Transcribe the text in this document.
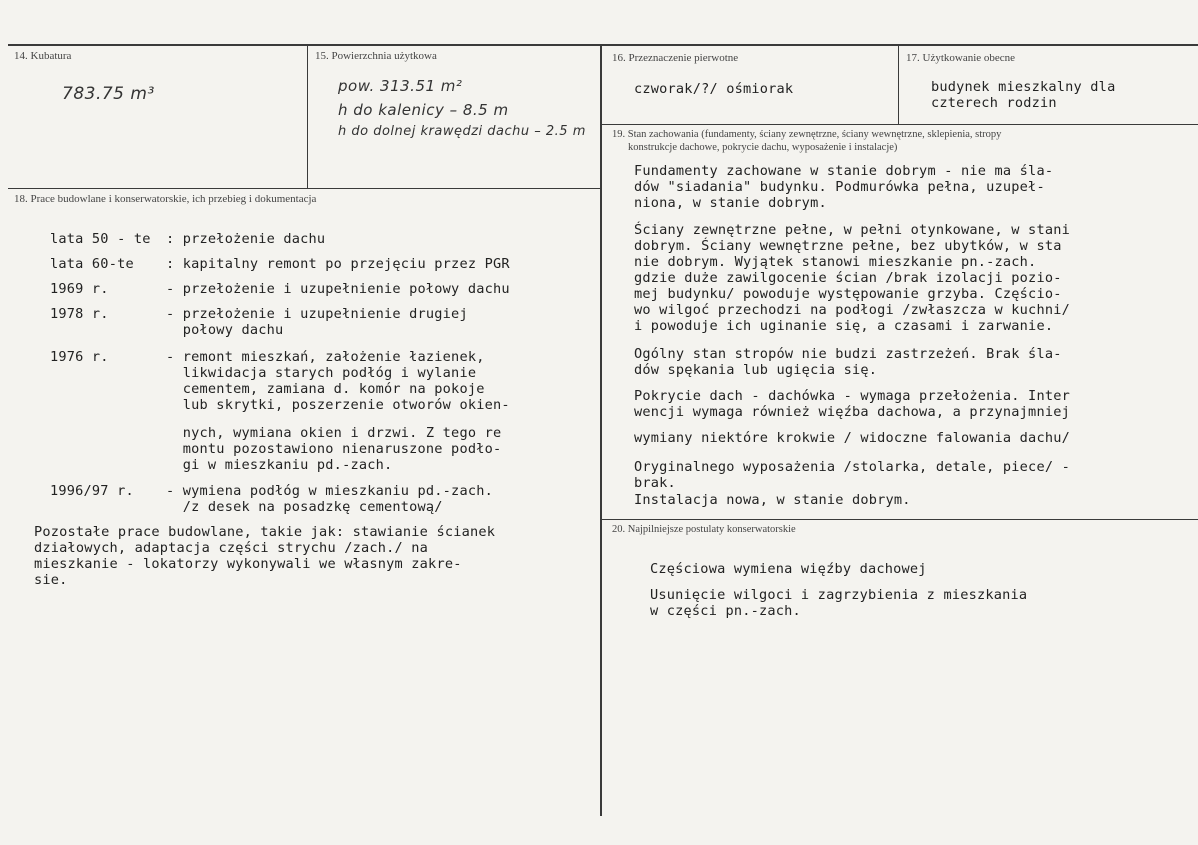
14. Kubatura
783.75 m³
15. Powierzchnia użytkowa
pow. 313.51 m²
h do kalenicy – 8.5 m
h do dolnej krawędzi dachu – 2.5 m
16. Przeznaczenie pierwotne
czworak/?/ ośmiorak
17. Użytkowanie obecne
budynek mieszkalny dla
czterech rodzin
18. Prace budowlane i konserwatorskie, ich przebieg i dokumentacja
lata 50 - te : przełożenie dachu
lata 60-te : kapitalny remont po przejęciu przez PGR
1969 r.	- przełożenie i uzupełnienie połowy dachu
1978 r.	- przełożenie i uzupełnienie drugiej
połowy dachu
1976 r.	- remont mieszkań, założenie łazienek,
likwidacja starych podłóg i wylanie
cementem, zamiana d. komór na pokoje
lub skrytki, poszerzenie otworów okien-
nych, wymiana okien i drzwi. Z tego re
montu pozostawiono nienaruszone podło-
gi w mieszkaniu pd.-zach.
1996/97 r. - wymiena podłóg w mieszkaniu pd.-zach.
/z desek na posadzkę cementową/
Pozostałe prace budowlane, takie jak: stawianie ścianek
działowych, adaptacja części strychu /zach./ na
mieszkanie - lokatorzy wykonywali we własnym zakre-
sie.
19. Stan zachowania (fundamenty, ściany zewnętrzne, ściany wewnętrzne, sklepienia, stropy
konstrukcje dachowe, pokrycie dachu, wyposażenie i instalacje)
Fundamenty zachowane w stanie dobrym - nie ma śla-
dów "siadania" budynku. Podmurówka pełna, uzupeł-
niona, w stanie dobrym.
Ściany zewnętrzne pełne, w pełni otynkowane, w stani
dobrym. Ściany wewnętrzne pełne, bez ubytków, w sta
nie dobrym. Wyjątek stanowi mieszkanie pn.-zach.
gdzie duże zawilgocenie ścian /brak izolacji pozio-
mej budynku/ powoduje występowanie grzyba. Częścio-
wo wilgoć przechodzi na podłogi /zwłaszcza w kuchni/
i powoduje ich uginanie się, a czasami i zarwanie.
Ogólny stan stropów nie budzi zastrzeżeń. Brak śla-
dów spękania lub ugięcia się.
Pokrycie dach - dachówka - wymaga przełożenia. Inter
wencji wymaga również więźba dachowa, a przynajmniej
wymiany niektóre krokwie / widoczne falowania dachu/
Oryginalnego wyposażenia /stolarka, detale, piece/ -
brak.
Instalacja nowa, w stanie dobrym.
20. Najpilniejsze postulaty konserwatorskie
Częściowa wymiena więźby dachowej
Usunięcie wilgoci i zagrzybienia z mieszkania
w części pn.-zach.
